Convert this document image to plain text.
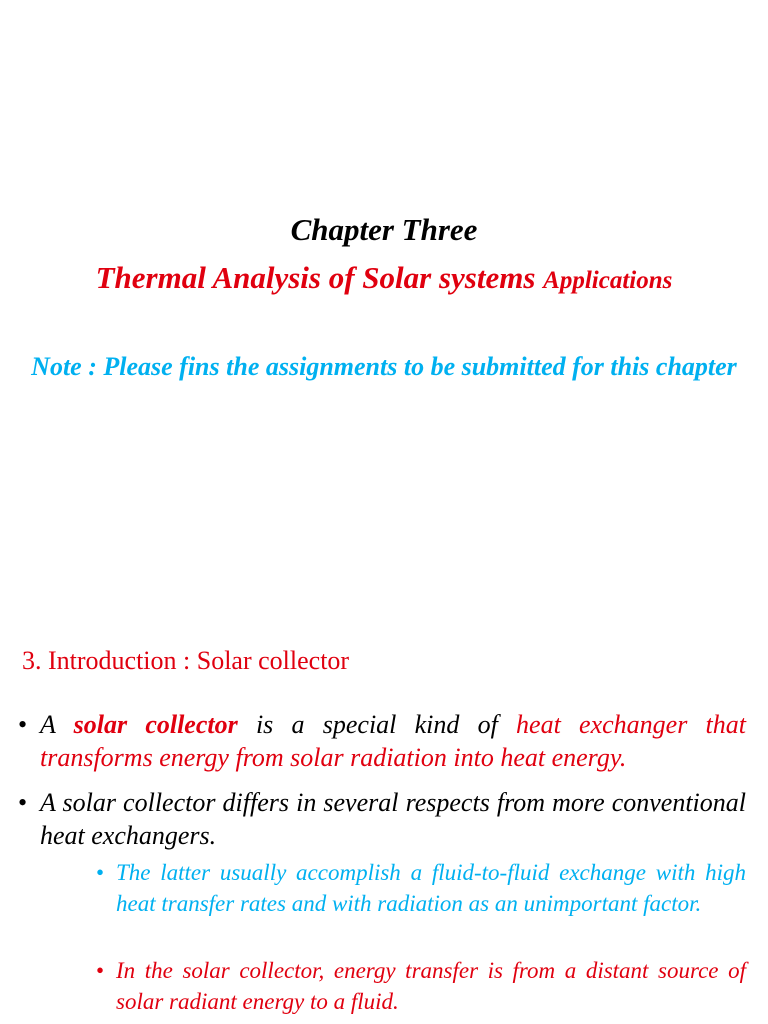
Chapter Three
Thermal Analysis of Solar systems Applications
Note : Please fins the assignments to be submitted for this chapter
3. Introduction : Solar collector
• A solar collector is a special kind of heat exchanger that transforms energy from solar radiation into heat energy.
• A solar collector differs in several respects from more conventional heat exchangers.
• The latter usually accomplish a fluid-to-fluid exchange with high heat transfer rates and with radiation as an unimportant factor.
• In the solar collector, energy transfer is from a distant source of solar radiant energy to a fluid.
